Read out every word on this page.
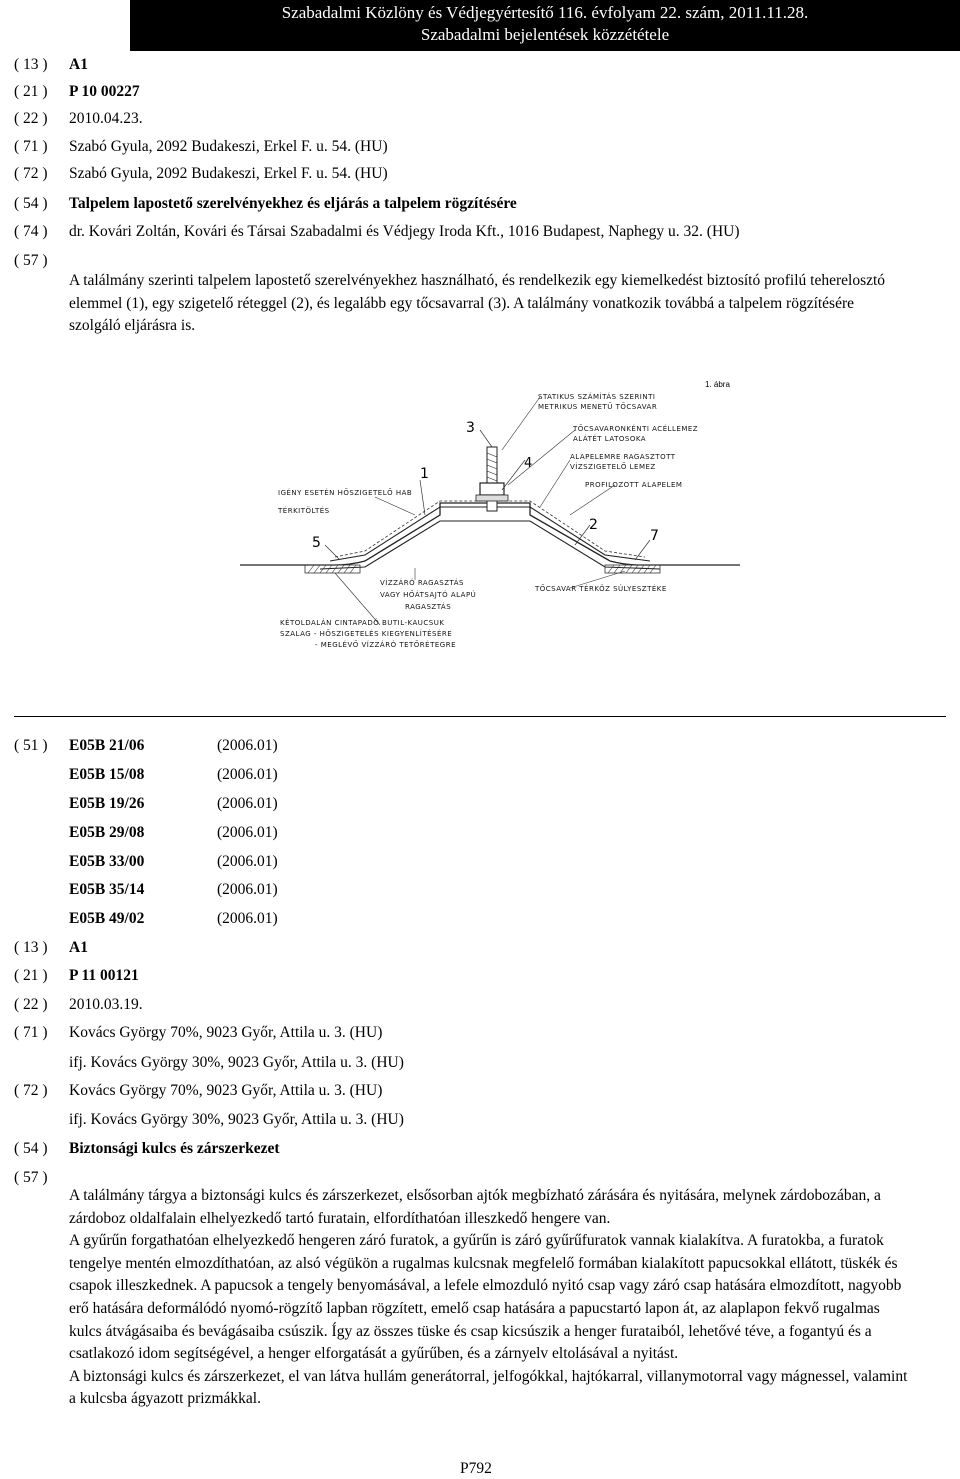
Szabadalmi Közlöny és Védjegyértesítő 116. évfolyam 22. szám, 2011.11.28.
Szabadalmi bejelentések közzététele
( 13 ) A1
( 21 ) P 10 00227
( 22 ) 2010.04.23.
( 71 ) Szabó Gyula, 2092 Budakeszi, Erkel F. u. 54. (HU)
( 72 ) Szabó Gyula, 2092 Budakeszi, Erkel F. u. 54. (HU)
( 54 ) Talpelem lapostető szerelvényekhez és eljárás a talpelem rögzítésére
( 74 ) dr. Kovári Zoltán, Kovári és Társai Szabadalmi és Védjegy Iroda Kft., 1016 Budapest, Naphegy u. 32. (HU)
( 57 )
A találmány szerinti talpelem lapostető szerelvényekhez használható, és rendelkezik egy kiemelkedést biztosító profilú teherelosztó elemmel (1), egy szigetelő réteggel (2), és legalább egy tőcsavarral (3). A találmány vonatkozik továbbá a talpelem rögzítésére szolgáló eljárásra is.
1. ábra
3
4
1
2
5	7
STATIKUS SZÁMÍTÁS SZERINTI
METRIKUS MENETŰ TŐCSAVAR
TŐCSAVARONKÉNTI ACÉLLEMEZ
ALÁTÉT LATOSOKA
ALAPELEMRE RAGASZTOTT
VÍZSZIGETELŐ LEMEZ
PROFILOZOTT ALAPELEM
IGÉNY ESETÉN HŐSZIGETELŐ HAB
TÉRKITÖLTÉS
VÍZZÁRÓ RAGASZTÁS
VAGY HŐÁTSAJTÓ ALAPÚ
RAGASZTÁS
TŐCSAVAR TÉRKÖZ SÚLYESZTÉKE
KÉTOLDALÁN CINTAPADÓ BUTIL-KAUCSUK
SZALAG - HŐSZIGETELÉS KIEGYENLÍTÉSÉRE
- MEGLÉVŐ VÍZZÁRÓ TETŐRÉTEGRE
( 51 )	E05B 21/06	(2006.01)
E05B 15/08	(2006.01)
E05B 19/26	(2006.01)
E05B 29/08	(2006.01)
E05B 33/00	(2006.01)
E05B 35/14	(2006.01)
E05B 49/02	(2006.01)
( 13 ) A1
( 21 ) P 11 00121
( 22 ) 2010.03.19.
( 71 ) Kovács György 70%, 9023 Győr, Attila u. 3. (HU)
ifj. Kovács György 30%, 9023 Győr, Attila u. 3. (HU)
( 72 ) Kovács György 70%, 9023 Győr, Attila u. 3. (HU)
ifj. Kovács György 30%, 9023 Győr, Attila u. 3. (HU)
( 54 ) Biztonsági kulcs és zárszerkezet
( 57 )

A találmány tárgya a biztonsági kulcs és zárszerkezet, elsősorban ajtók megbízható zárására és nyitására, melynek zárdobozában, a zárdoboz oldalfalain elhelyezkedő tartó furatain, elfordíthatóan illeszkedő hengere van.

A gyűrűn forgathatóan elhelyezkedő hengeren záró furatok, a gyűrűn is záró gyűrűfuratok vannak kialakítva. A furatokba, a furatok tengelye mentén elmozdíthatóan, az alsó végükön a rugalmas kulcsnak megfelelő formában kialakított papucsokkal ellátott, tüskék és csapok illeszkednek. A papucsok a tengely benyomásával, a lefele elmozduló nyitó csap vagy záró csap hatására elmozdított, nagyobb erő hatására deformálódó nyomó-rögzítő lapban rögzített, emelő csap hatására a papucstartó lapon át, az alaplapon fekvő rugalmas kulcs átvágásaiba és bevágásaiba csúszik. Így az összes tüske és csap kicsúszik a henger furataiból, lehetővé téve, a fogantyú és a csatlakozó idom segítségével, a henger elforgatását a gyűrűben, és a zárnyelv eltolásával a nyitást.

A biztonsági kulcs és zárszerkezet, el van látva hullám generátorral, jelfogókkal, hajtókarral, villanymotorral vagy mágnessel, valamint a kulcsba ágyazott prizmákkal.

P792
